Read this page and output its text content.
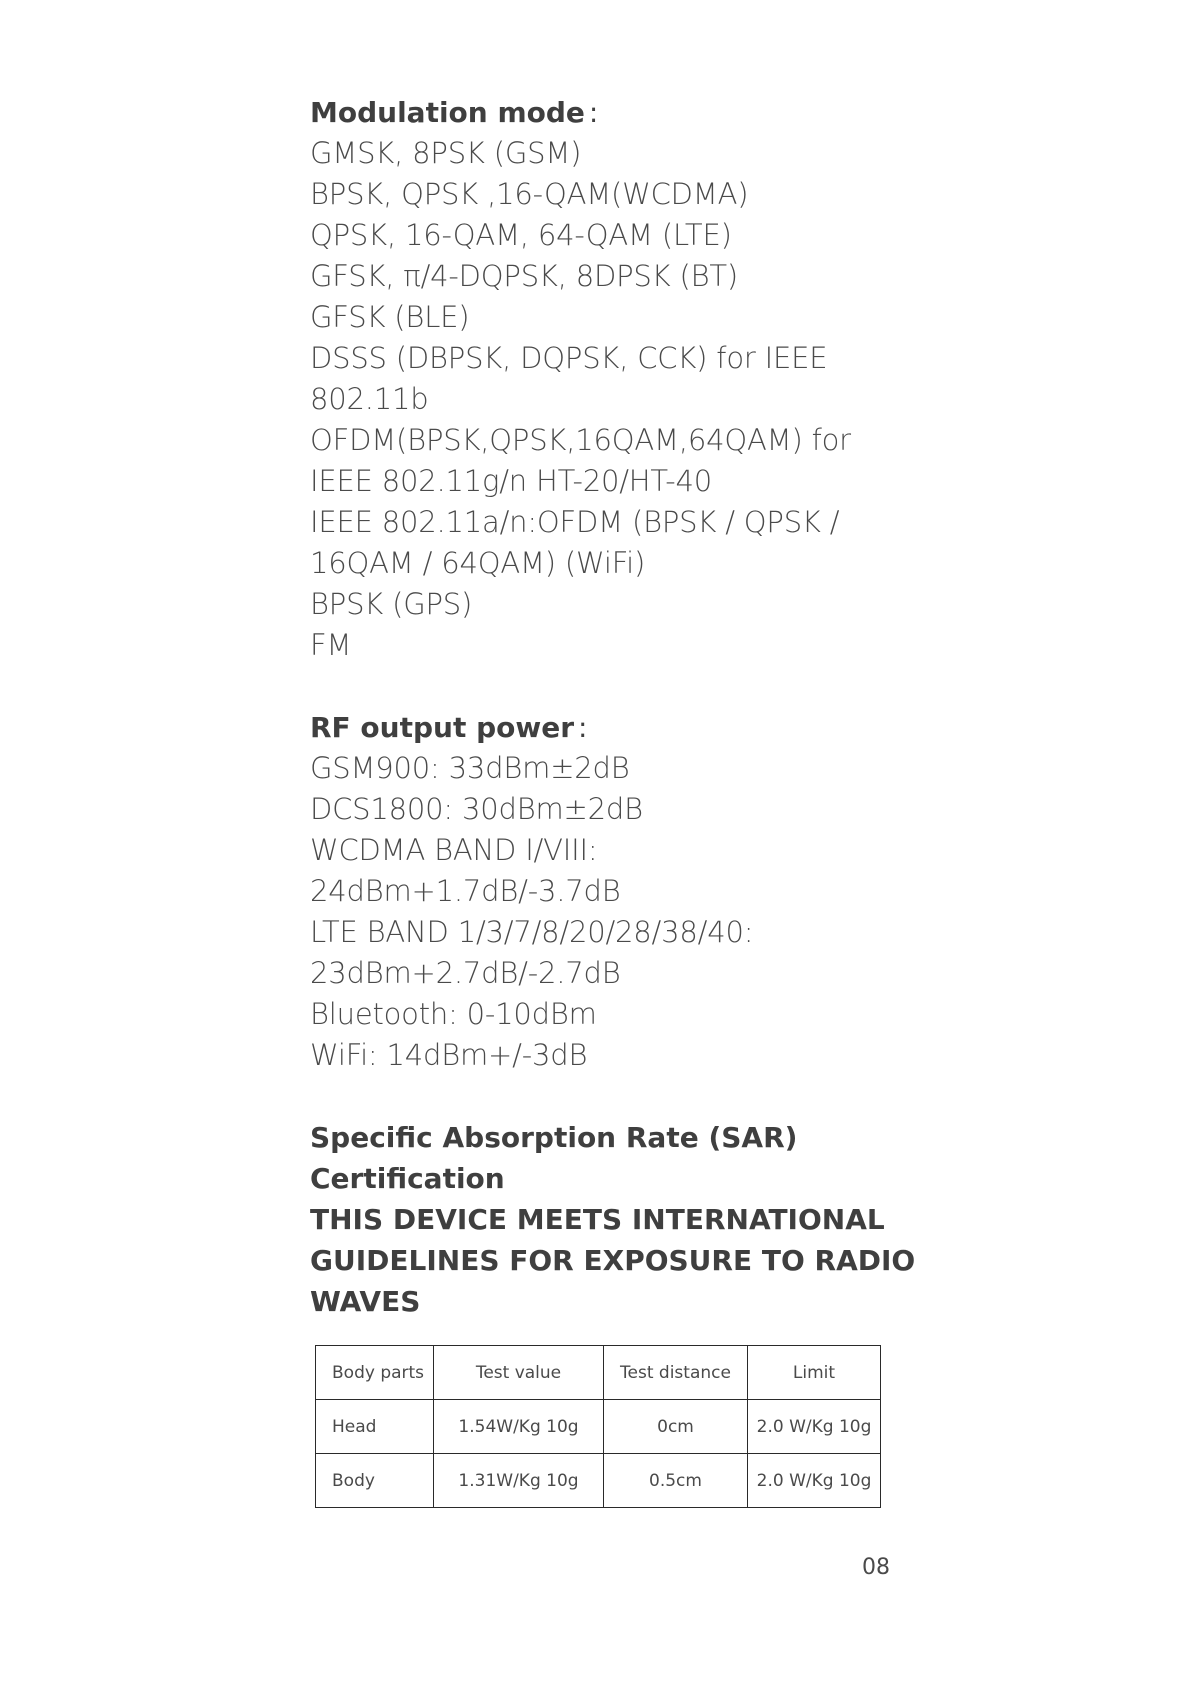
Modulation mode :
GMSK, 8PSK (GSM)
BPSK, QPSK ,16-QAM(WCDMA)
QPSK, 16-QAM, 64-QAM (LTE)
GFSK, π/4-DQPSK, 8DPSK (BT)
GFSK (BLE)
DSSS (DBPSK, DQPSK, CCK) for IEEE
802.11b
OFDM(BPSK,QPSK,16QAM,64QAM) for
IEEE 802.11g/n HT-20/HT-40
IEEE 802.11a/n:OFDM (BPSK / QPSK /
16QAM / 64QAM) (WiFi)
BPSK (GPS)
FM
RF output power :
GSM900: 33dBm±2dB
DCS1800: 30dBm±2dB
WCDMA BAND I/VIII:
24dBm+1.7dB/-3.7dB
LTE BAND 1/3/7/8/20/28/38/40:
23dBm+2.7dB/-2.7dB
Bluetooth: 0-10dBm
WiFi: 14dBm+/-3dB
Specific Absorption Rate (SAR)
Certification
THIS DEVICE MEETS INTERNATIONAL
GUIDELINES FOR EXPOSURE TO RADIO
WAVES
Body parts	Test value	Test distance	Limit
Head	1.54W/Kg 10g	0cm	2.0 W/Kg 10g
Body	1.31W/Kg 10g	0.5cm	2.0 W/Kg 10g
08
